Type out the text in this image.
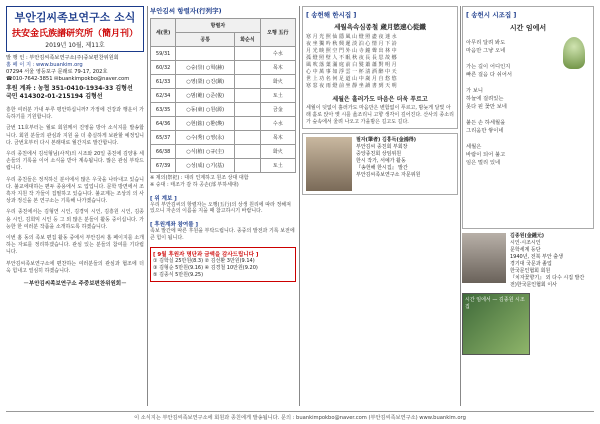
부안김씨족보연구소 소식
扶安金氏族譜研究所（簡月刊）
2019년 10월, 제11호
발 행 인 : 부안김씨족보연구소(주)중보편찬위원회
홈 페 이 지 : www.buankim.org
07294 서울 영등포구 문래로 79-17, 202호
☎010-7642-3851 ✉buankimpokbo@naver.com
후원 계좌 : 농협 351-0410-1934-33 김형선
국민 414302-01-215194 김형선

흥한 여러분 가내 두루 평안하십니까? 가정에 건강과 행운이 가득하기를 기원합니다.

금번 11호부터는 월료 회원께서 진영을 방아 소식지를 발송합니다. 회원 분들의 관심과 지원 을 더 충실하게 보완할 예정입니다. 금번호부터 다시 본래대로 월간지로 발간합니다.

우리 종친에서 김석형님(사직)의 시조와 20일 종친에 김양용 세 손들의 기록을 이어 소식을 받아 계속됩니다. 많은 관심 부탁드립니다.

우리 종친들은 정직하신 분이에서 많은 우국을 나타내고 있습니다. 불교에대하는 편두 종용에서 도 업업니다. 문학 방면에서 조흑자 지원 작 가들이 집필하고 있습니다. 불교계는 조상의 의 사 상과 정신을 본 연구소는 기록해 나가겠습니다.

우리 종친에서는 김형연 시인, 김경익 시인, 김흥원 시인, 김종용 시인, 김희익 시인 등 그 외 많은 분들이 활동 중이십니다. 가능한 한 여러분 작품을 소개하도록 하겠습니다.

이번 홈 동의 족보 편집 활동 중에서 부안김씨 홈 페이지를 소개하는 자료를 정리하겠습니다. 관심 있는 분들의 참여를 기다립니다.

부안김씨족보연구소에 편찬하는 여러분들의 관심과 협조에 더욱 힘내고 열심히 하겠습니다.

－부안김씨족보연구소 주중보편찬위원회－
부안김씨 항렬자(行列字)
세(世)	항렬자		오행 五行
	공통	화순식	
59/31			수水
60/32	○숭(崇) ○혁(赫)		목木
61/33	○영(榮) ○진(鎭)		화火
62/34	○범(範) ○준(俊)		토土
63/35	○동(東) ○원(源)		금金
64/36	○현(鉉) ○환(煥)		수水
65/37	○수(秀) ○영(永)		목木
66/38	○식(植) ○규(圭)		화火
67/39	○성(成) ○기(基)		토土
※ 제의(祭祀) : 대리 인계하고 원조 상대 대함
※ 숭대 : 태조가 감 하 공손(部 부하세대)
[ 위 계보 ]
우리 부안김씨의 항렬자는 오행(五行)의 상생 원리에 따라 정해져 있으니 자손의 이름을 지을 때 참고하시기 바랍니다.
[ 후원계좌 참여를 ]
족보 발간에 따른 후원을 부탁드립니다. 종중의 발전과 기록 보전에 큰 힘이 됩니다.
[ 9월 후원자 명단과 금액을 감사드립니다 ]
① 김학실 25만원(8.3) ② 김선환 3만원(9.14)
③ 김형순 5만원(9.16) ④ 김경철 10만원(9.20)
⑤ 김종식 5만원(9.25)
[ 송헌해 한시집 ]
세월욕속심종철 歲月慾速心從鐵
寒 月 光 照 仙 隱 風 山 燈 照 盡 夜 迷 水
夜 坐 獨 吟 秋 興 遲 淡 泊 心 情 月 下 詩
月 光 映 照 空 門 外 山 寺 鐘 聲 出 林 中
孤 燈 照 壁 人 不 眠 秋 夜 長 長 思 故 鄕
風 吹 落 葉 滿 庭 前 白 髮 蕭 蕭 對 明 月
心 中 萬 事 如 浮 雲 一 杯 淸 酒 醉 中 天
世 上 功 名 何 足 道 山 中 歲 月 自 悠 悠
寒 窓 夜 雨 燈 前 坐 靜 坐 讀 書 到 天 明
세월은 흘러가도 마음은 더욱 푸르고
세월이 덧없이 흘러가도 마음만은 변함없이 푸르고, 밤늦게 달빛 아래 홀로 앉아 옛 시를 읊조리니 고향 생각이 깊어진다. 산사의 종소리가 숲속에서 울려 나오고 가을밤은 길고도 길다.
필자(筆者) 김홍득(金鴻得)
부안김씨 종친회 부회장
중앙종친회 상임위원
한시 작가, 서예가 활동
『송헌해 한시집』 발간
부안김씨족보연구소 자문위원
[ 송헌시 시조집 ]
시간 임에서
아무리 달려 봐도
마음만 그냥 오네

가는 길이 어디인지
빠른 걸음 다 쉬어서

가 보니
하늘에 걸려있는
못다 핀 꽃만 보네

붙든 손 하세월을
그리움만 쌓이네

세월은
바람이 되어 불고
임은 멀리 있네
김종원(金鍾元)
시인·시조시인
문학세계 등단
1940년, 전북 부안 출생
경기대 국문과 졸업
한국문인협회 회원
『치자꽃향기』 외 다수 시집 발간
전)한국문인협회 이사
시간 임에서 — 김종원 시조집
이 소식지는 부안김씨족보연구소에 회원과 종친에게 발송됩니다. 문의 : buankimpokbo@naver.com (부안김씨족보연구소) www.buankim.org
